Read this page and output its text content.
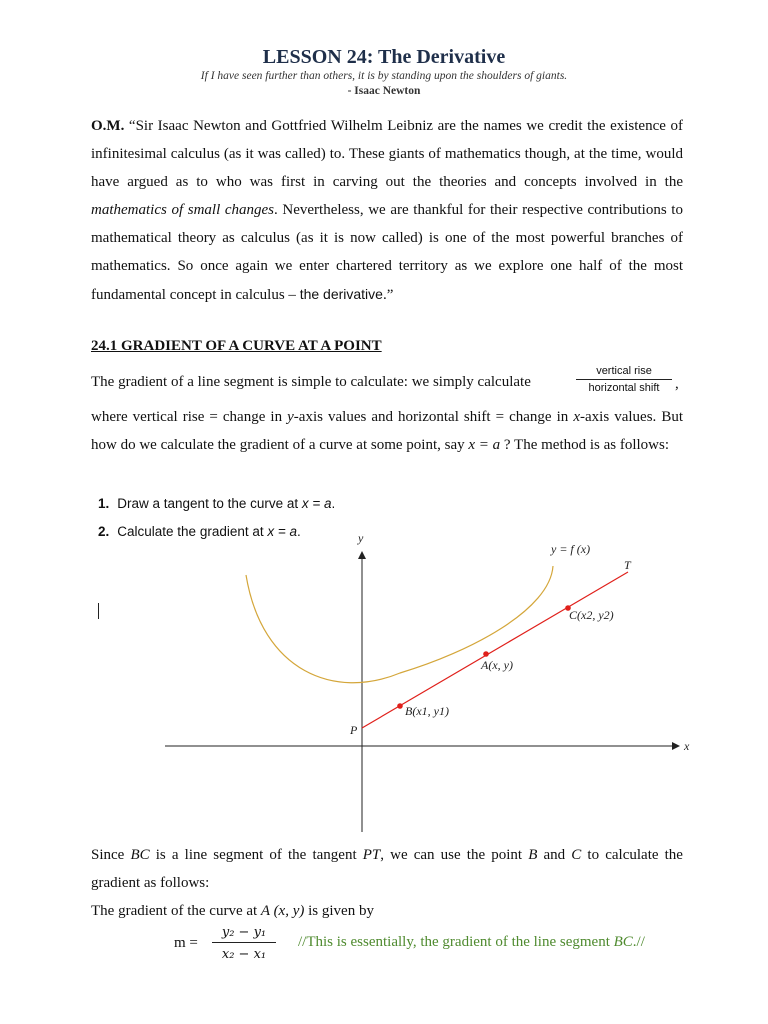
LESSON 24: The Derivative
If I have seen further than others, it is by standing upon the shoulders of giants.
- Isaac Newton
O.M. “Sir Isaac Newton and Gottfried Wilhelm Leibniz are the names we credit the existence of infinitesimal calculus (as it was called) to. These giants of mathematics though, at the time, would have argued as to who was first in carving out the theories and concepts involved in the mathematics of small changes. Nevertheless, we are thankful for their respective contributions to mathematical theory as calculus (as it is now called) is one of the most powerful branches of mathematics. So once again we enter chartered territory as we explore one half of the most fundamental concept in calculus – the derivative.”
24.1 GRADIENT OF A CURVE AT A POINT
The gradient of a line segment is simple to calculate: we simply calculate
vertical rise
horizontal shift	,
where vertical rise = change in y-axis values and horizontal shift = change in x-axis values. But how do we calculate the gradient of a curve at some point, say x = a ? The method is as follows:
1. Draw a tangent to the curve at x = a.
2. Calculate the gradient at x = a.	y
x
y = f (x)
T
C(x2, y2)
A(x, y)
B(x1, y1)
P
Since BC is a line segment of the tangent PT, we can use the point B and C to calculate the gradient as follows:
The gradient of the curve at A (x, y) is given by
m =
y₂ − y₁
x₂ − x₁
//This is essentially, the gradient of the line segment BC.//
